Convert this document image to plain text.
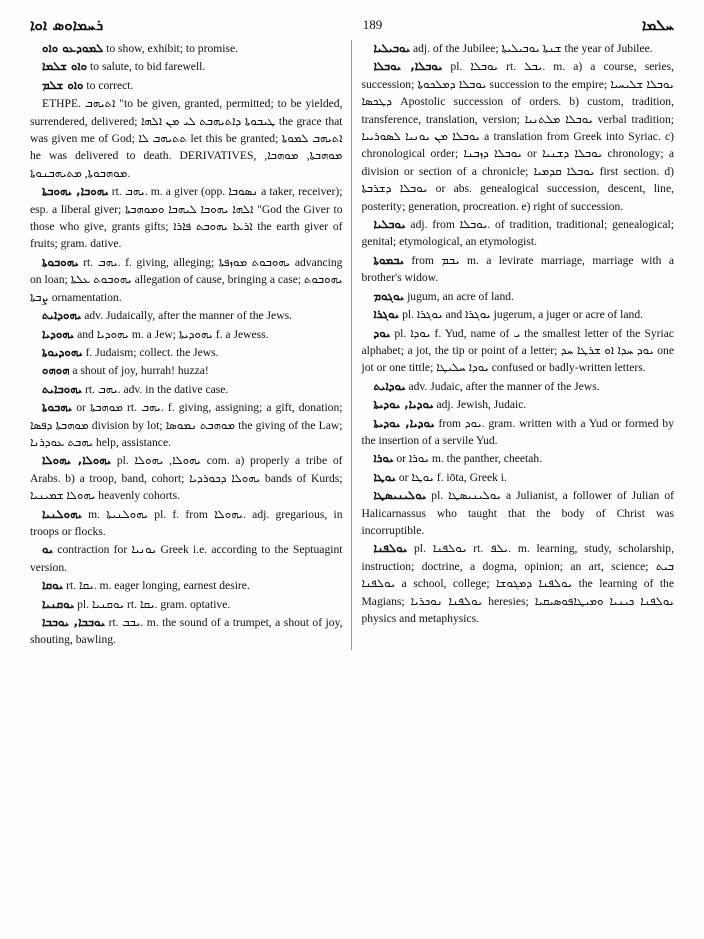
ܪܚܡܐܘܣ ܐܘܐ	189	ܚܠܡܐ

ܠܡܘܕܥܘ ܘܐܘ to show, exhibit; to promise.

ܘܐܘ ܫܠܡܐ to salute, to bid farewell.

ܘܐܘ ܫܠܡ to correct.

ETHPE. ܐܬܝܗܒ "to be given, granted, permitted; to be yielded, surrendered, delivered; ܛܝܒܘܬܐ ܕܐܬܝܗܒܬ ܠܝ ܡܢ ܐܠܗܐ the grace that was given me of God; ܬܬܝܗܒ ܠܐ let this be granted; ܐܬܝܗܒ ܠܡܘܬܐ he was delivered to death. DERIVATIVES, ܡܘܗܒܬܐ, ܡܘܗܒܐ, ܡܘܗܒܘܬܐ, ܡܬܝܗܒܢܘܬܐ.

ܝܗܘܒܐ, ܝܗܘܒܬܐ rt. ܝܗܒ. m. a giver (opp. ܢܣܘܒܐ a taker, receiver); esp. a liberal giver; ܐܠܗܐ ܝܗܘܒܐ ܠܝܗܒܐ ܘܡܘܗܒܬܐ "God the Giver to those who give, grants gifts; ܐܪܥܐ ܝܗܘܒܬ ܦܐܪܐ the earth giver of fruits; gram. dative.

ܝܗܘܒܘܬܐ rt. ܝܗܒ. f. giving, alleging; ܝܗܘܒܘܬ ܡܘܙܦܬܐ advancing on loan; ܝܗܘܒܘܬ ܥܠܬܐ allegation of cause, bringing a case; ܝܗܘܒܘܬ ܨܒܬܐ ornamentation.

ܝܗܘܕܐܝܬ adv. Judaically, after the manner of the Jews.

ܝܗܘܕܝܐ and ܝܗܘܕܝܐ m. a Jew; ܝܗܘܕܝܬܐ f. a Jewess.

ܝܗܘܕܝܘܬܐ f. Judaism; collect. the Jews.

ܗܘܗܘ a shout of joy, hurrah! huzza!

ܝܗܘܒܐܝܬ rt. ܝܗܒ. adv. in the dative case.

ܝܗܒܘܬܐ or ܡܘܗܒܬܐ rt. ܝܗܒ. f. giving, assigning; a gift, donation; ܡܘܗܒܬܐ ܕܦܣܐ division by lot; ܡܘܗܒܬ ܢܡܘܣܐ the giving of the Law; ܝܗܒܬ ܥܘܕܪܢܐ help, assistance.

ܝܗܘܠܐ, ܝܗܘܠܐ pl. ܝܗܘܠܐ, ܝܗܘܠܐ com. a) properly a tribe of Arabs. b) a troop, band, cohort; ܝܗܘܠܐ ܕܟܘܪܕܝܐ bands of Kurds; ܝܗܘܠܐ ܫܡܝܢܝܐ heavenly cohorts.

ܝܗܘܠܢܝܐ m. ܝܗܘܠܢܝܬܐ pl. f. from ܝܗܘܠܐ. adj. gregarious, in troops or flocks.

ܝܘ contraction for ܝܘܢܝܐ Greek i.e. according to the Septuagint version.

ܝܘܩܐ rt. ܝܩܐ. m. eager longing, earnest desire.

ܝܘܩܢܝܐ pl. ܝܘܩܢܝܐ rt. ܝܩܐ. gram. optative.

ܝܘܒܒܐ, ܝܘܒܒܐ rt. ܝܒܒ. m. the sound of a trumpet, a shout of joy, shouting, bawling.

ܝܘܒܝܠܝܐ adj. of the Jubilee; ܫܢܬܐ ܝܘܒܝܠܝܬܐ the year of Jubilee.

ܝܘܒܠܐ, ܝܘܒܠܐ pl. ܝܘܒܠܐ rt. ܝܒܠ. m. a) a course, series, succession; ܝܘܒܠܐ ܕܡܠܟܘܬܐ succession to the empire; ܝܘܒܠܐ ܫܠܝܚܝܐ ܕܛܟܣܐ Apostolic succession of orders. b) custom, tradition, transference, translation, version; ܝܘܒܠܐ ܡܠܬܢܝܐ verbal tradition; ܝܘܒܠܐ ܡܢ ܝܘܢܝܐ ܠܣܘܪܝܝܐ a translation from Greek into Syriac. c) chronological order; ܝܘܒܠܐ ܕܙܒܢܐ or ܝܘܒܠܐ ܕܫܢܝܐ chronology; a division or section of a chronicle; ܝܘܒܠܐ ܩܕܡܝܐ first section. d) ܝܘܒܠܐ ܕܫܪܒܬܐ or abs. genealogical succession, descent, line, posterity; generation, procreation. e) right of succession.

ܝܘܒܠܝܐ adj. from ܝܘܒܠܐ. of tradition, traditional; genealogical; genital; etymological, an etymologist.

ܝܒܡܘܬܐ from ܝܒܡ m. a levirate marriage, marriage with a brother's widow.

ܝܘܓܘܡ jugum, an acre of land.

ܝܘܓܪܐ pl. ܝܘܓܪܐ and ܝܘܓܪܐ jugerum, a juger or acre of land.

ܝܘܕ pl. ܝܘܕܐ f. Yud, name of ܝ the smallest letter of the Syriac alphabet; a jot, the tip or point of a letter; ܝܘܕ ܚܕܐ ܐܘ ܫܪܛܐ ܚܕ one jot or one tittle; ܝܘܕܐ ܚܠܝܛܐ confused or badly-written letters.

ܝܘܕܐܝܬ adv. Judaic, after the manner of the Jews.

ܝܘܕܝܐ, ܝܘܕܝܬܐ adj. Jewish, Judaic.

ܝܘܕܝܐ, ܝܘܕܝܬܐ from ܝܘܕ. gram. written with a Yud or formed by the insertion of a servile Yud.

ܝܘܪܐ or ܝܘܪܐ m. the panther, cheetah.

ܝܘܛܐ or ܝܘܛܐ f. iōta, Greek i.

ܝܘܠܝܢܝܣܛܐ pl. ܝܘܠܝܢܝܣܛܐ a Julianist, a follower of Julian of Halicarnassus who taught that the body of Christ was incorruptible.

ܝܘܠܦܢܐ pl. ܝܘܠܦܢܐ rt. ܝܠܦ. m. learning, study, scholarship, instruction; doctrine, a dogma, opinion; an art, science; ܒܝܬ ܝܘܠܦܢܐ a school, college; ܝܘܠܦܢܐ ܕܡܓܘܫܐ the learning of the Magians; ܝܘܠܦܢܐ ܢܘܟܪܝܐ heresies; ܝܘܠܦܢܐ ܟܝܢܝܐ ܘܡܝܛܐܦܘܣܝܩܝܐ physics and metaphysics.
